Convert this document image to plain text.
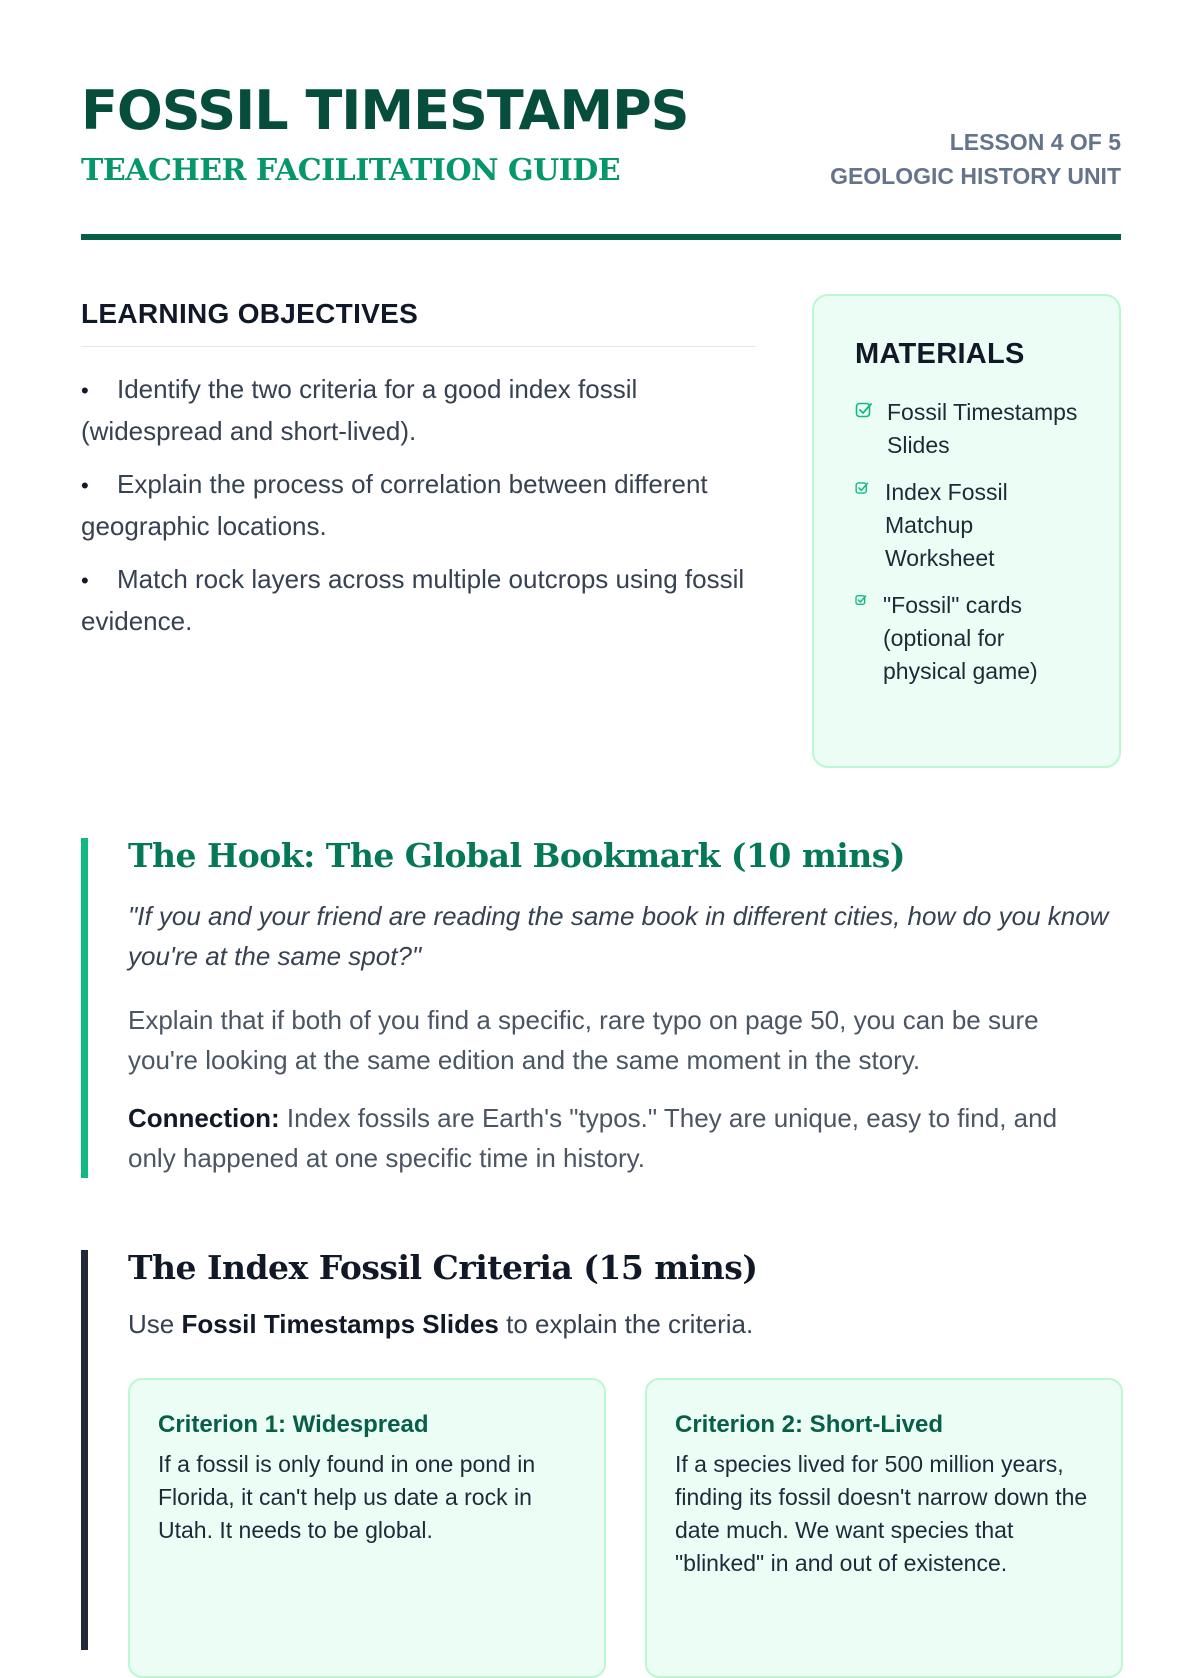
FOSSIL TIMESTAMPS
TEACHER FACILITATION GUIDE
LESSON 4 OF 5
GEOLOGIC HISTORY UNIT
LEARNING OBJECTIVES
• Identify the two criteria for a good index fossil (widespread and short-lived).
• Explain the process of correlation between different geographic locations.
• Match rock layers across multiple outcrops using fossil evidence.
MATERIALS
Fossil Timestamps Slides
Index Fossil Matchup Worksheet
"Fossil" cards (optional for physical game)
The Hook: The Global Bookmark (10 mins)

"If you and your friend are reading the same book in different cities, how do you know you're at the same spot?"

Explain that if both of you find a specific, rare typo on page 50, you can be sure you're looking at the same edition and the same moment in the story.

Connection: Index fossils are Earth's "typos." They are unique, easy to find, and only happened at one specific time in history.

The Index Fossil Criteria (15 mins)

Use Fossil Timestamps Slides to explain the criteria.

Criterion 1: Widespread

If a fossil is only found in one pond in Florida, it can't help us date a rock in Utah. It needs to be global.

Criterion 2: Short-Lived

If a species lived for 500 million years, finding its fossil doesn't narrow down the date much. We want species that "blinked" in and out of existence.
